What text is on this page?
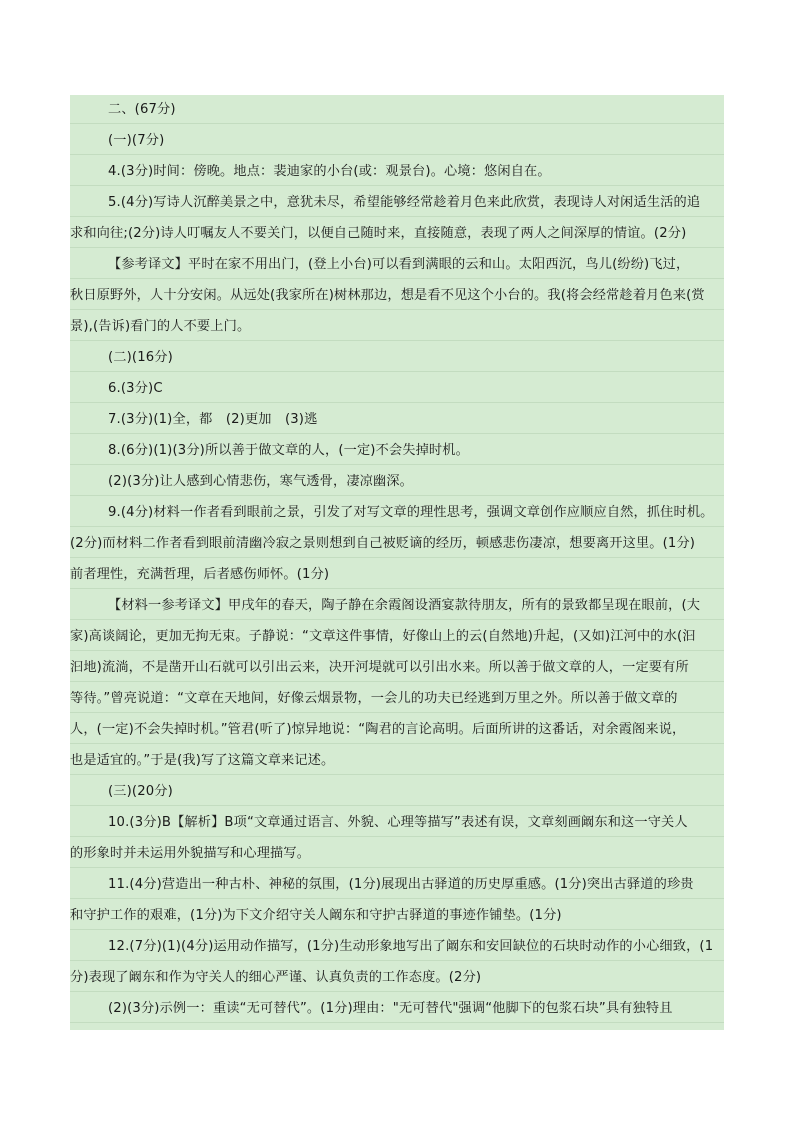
二、(67分)
(一)(7分)
4.(3分)时间：傍晚。地点：裴迪家的小台(或：观景台)。心境：悠闲自在。
5.(4分)写诗人沉醉美景之中，意犹未尽，希望能够经常趁着月色来此欣赏，表现诗人对闲适生活的追
求和向往;(2分)诗人叮嘱友人不要关门，以便自己随时来，直接随意，表现了两人之间深厚的情谊。(2分)
【参考译文】平时在家不用出门，(登上小台)可以看到满眼的云和山。太阳西沉，鸟儿(纷纷)飞过，
秋日原野外，人十分安闲。从远处(我家所在)树林那边，想是看不见这个小台的。我(将会经常趁着月色来(赏
景),(告诉)看门的人不要上门。
(二)(16分)
6.(3分)C
7.(3分)(1)全，都　(2)更加　(3)逃
8.(6分)(1)(3分)所以善于做文章的人，(一定)不会失掉时机。
(2)(3分)让人感到心情悲伤，寒气透骨，凄凉幽深。
9.(4分)材料一作者看到眼前之景，引发了对写文章的理性思考，强调文章创作应顺应自然，抓住时机。
(2分)而材料二作者看到眼前清幽冷寂之景则想到自己被贬谪的经历，顿感悲伤凄凉，想要离开这里。(1分)
前者理性，充满哲理，后者感伤师怀。(1分)
【材料一参考译文】甲戌年的春天，陶子静在余霞阁设酒宴款待朋友，所有的景致都呈现在眼前，(大
家)高谈阔论，更加无拘无束。子静说：“文章这件事情，好像山上的云(自然地)升起，(又如)江河中的水(汩
汩地)流淌，不是凿开山石就可以引出云来，决开河堤就可以引出水来。所以善于做文章的人，一定要有所
等待。”曾亮说道：“文章在天地间，好像云烟景物，一会儿的功夫已经逃到万里之外。所以善于做文章的
人，(一定)不会失掉时机。”管君(听了)惊异地说：“陶君的言论高明。后面所讲的这番话，对余霞阁来说，
也是适宜的。”于是(我)写了这篇文章来记述。
(三)(20分)
10.(3分)B【解析】B项“文章通过语言、外貌、心理等描写”表述有误，文章刻画阚东和这一守关人
的形象时并未运用外貌描写和心理描写。
11.(4分)营造出一种古朴、神秘的氛围，(1分)展现出古驿道的历史厚重感。(1分)突出古驿道的珍贵
和守护工作的艰难，(1分)为下文介绍守关人阚东和守护古驿道的事迹作铺垫。(1分)
12.(7分)(1)(4分)运用动作描写，(1分)生动形象地写出了阚东和安回缺位的石块时动作的小心细致，(1
分)表现了阚东和作为守关人的细心严谨、认真负责的工作态度。(2分)
(2)(3分)示例一：重读“无可替代”。(1分)理由："无可替代"强调“他脚下的包浆石块”具有独特且
